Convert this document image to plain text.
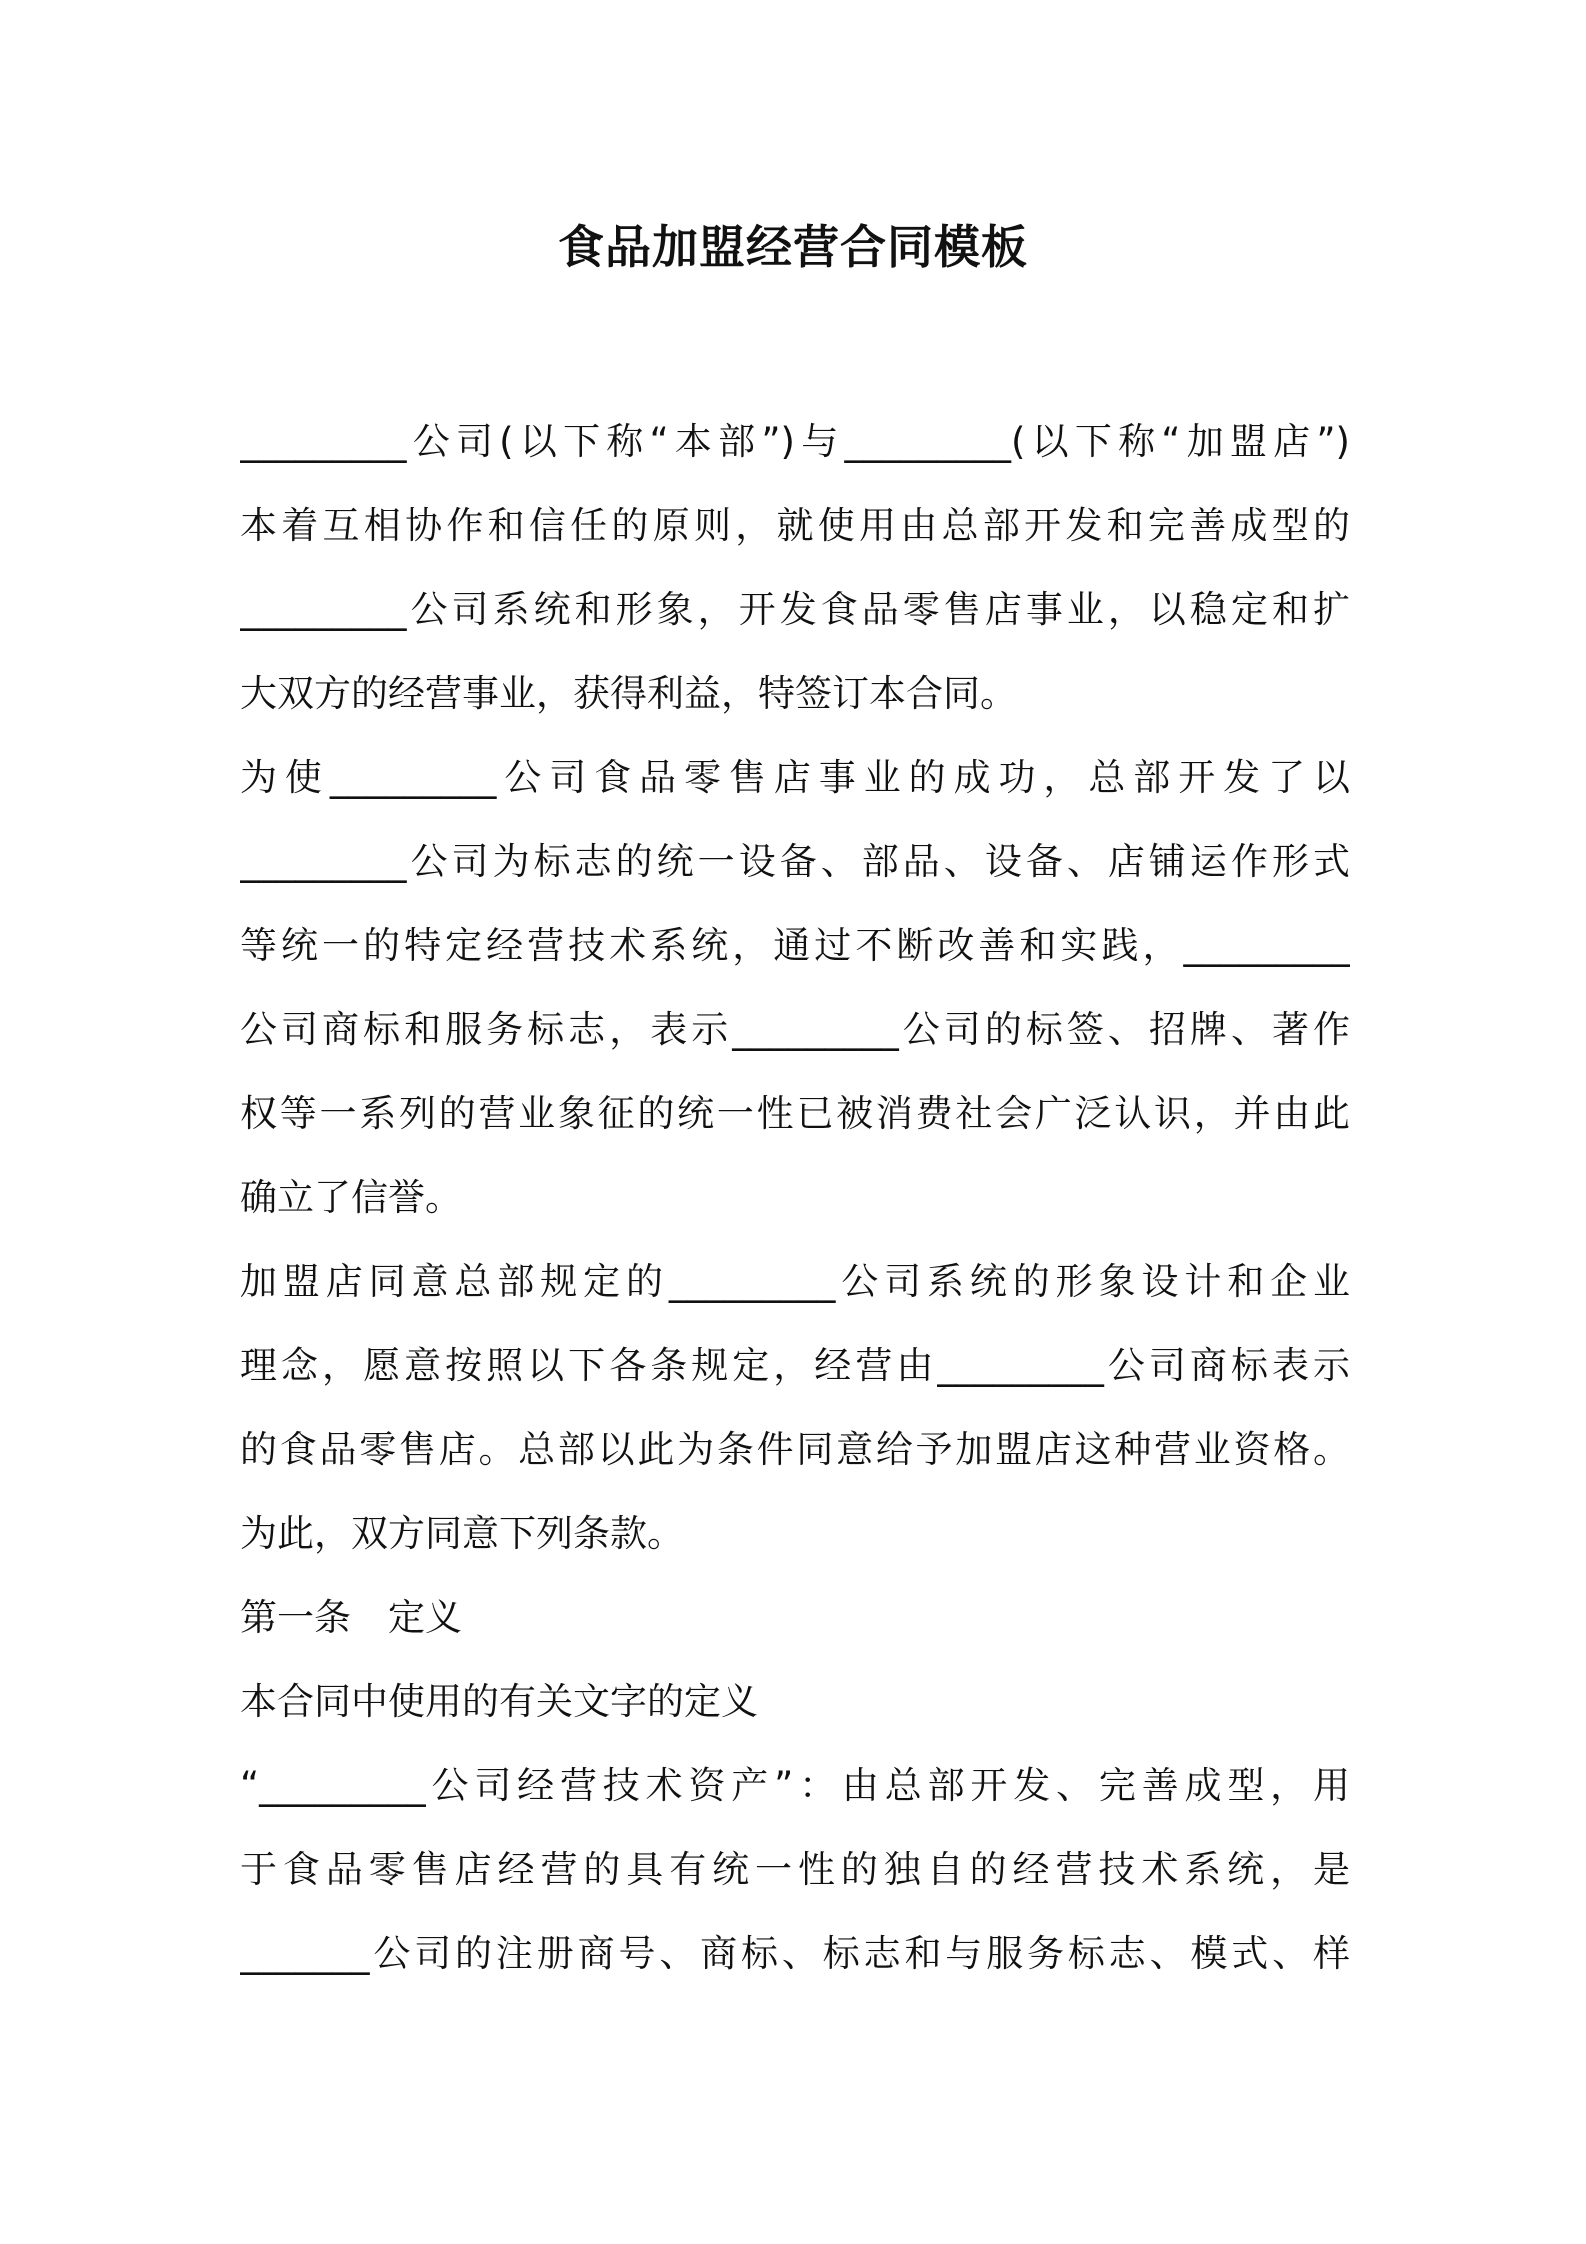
食品加盟经营合同模板
_________公司(以下称“本部”)与_________(以下称“加盟店”)
本着互相协作和信任的原则，就使用由总部开发和完善成型的
_________公司系统和形象，开发食品零售店事业，以稳定和扩
大双方的经营事业，获得利益，特签订本合同。
为使_________公司食品零售店事业的成功，总部开发了以
_________公司为标志的统一设备、部品、设备、店铺运作形式
等统一的特定经营技术系统，通过不断改善和实践，_________
公司商标和服务标志，表示_________公司的标签、招牌、著作
权等一系列的营业象征的统一性已被消费社会广泛认识，并由此
确立了信誉。
加盟店同意总部规定的_________公司系统的形象设计和企业
理念，愿意按照以下各条规定，经营由_________公司商标表示
的食品零售店。总部以此为条件同意给予加盟店这种营业资格。
为此，双方同意下列条款。
第一条　定义
本合同中使用的有关文字的定义
“_________公司经营技术资产”：由总部开发、完善成型，用
于食品零售店经营的具有统一性的独自的经营技术系统，是
_______公司的注册商号、商标、标志和与服务标志、模式、样
